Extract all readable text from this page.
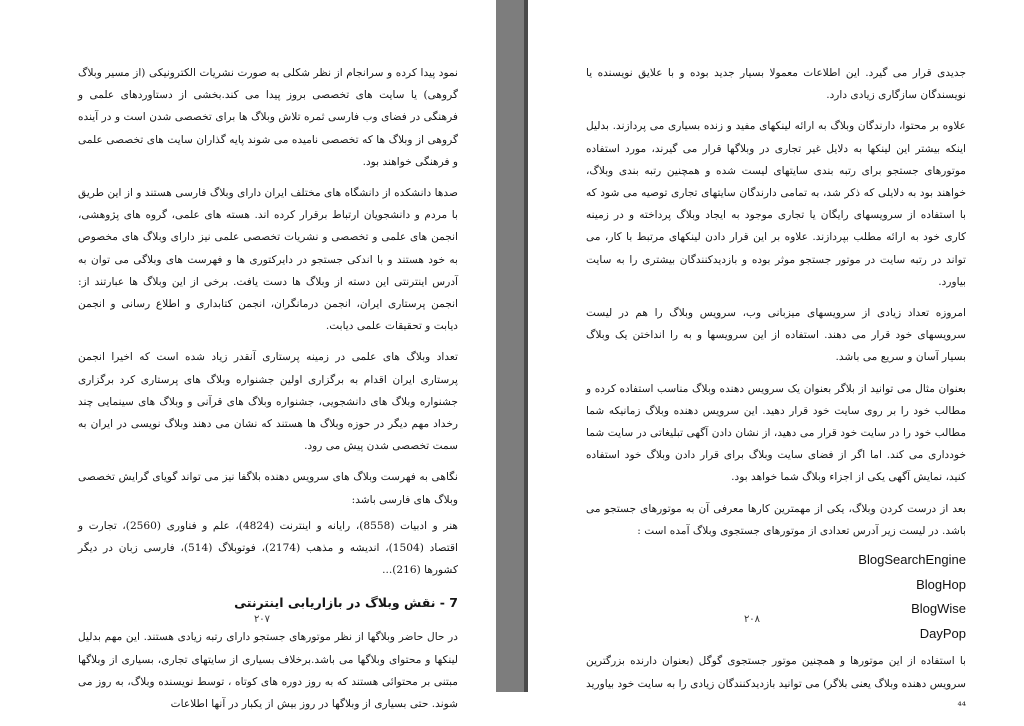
نمود پیدا کرده و سرانجام از نظر شکلی به صورت نشریات الکترونیکی (از مسیر وبلاگ گروهی) یا سایت های تخصصی بروز پیدا می کند.بخشی از دستاوردهای علمی و فرهنگی در فضای وب فارسی ثمره تلاش وبلاگ ها برای تخصصی شدن است و در آینده گروهی از وبلاگ ها که تخصصی نامیده می شوند پایه گذاران سایت های تخصصی علمی و فرهنگی خواهند بود.

صدها دانشکده از دانشگاه های مختلف ایران دارای وبلاگ فارسی هستند و از این طریق با مردم و دانشجویان ارتباط برقرار کرده اند. هسته های علمی، گروه های پژوهشی، انجمن های علمی و تخصصی و نشریات تخصصی علمی نیز دارای وبلاگ های مخصوص به خود هستند و با اندکی جستجو در دایرکتوری ها و فهرست های وبلاگی می توان به آدرس اینترنتی این دسته از وبلاگ ها دست یافت. برخی از این وبلاگ ها عبارتند از: انجمن پرستاری ایران، انجمن درمانگران، انجمن کتابداری و اطلاع رسانی و انجمن دیابت و تحقیقات علمی دیابت.

تعداد وبلاگ های علمی در زمینه پرستاری آنقدر زیاد شده است که اخیرا انجمن پرستاری ایران اقدام به برگزاری اولین جشنواره وبلاگ های پرستاری کرد برگزاری جشنواره وبلاگ های دانشجویی، جشنواره وبلاگ های قرآنی و وبلاگ های سینمایی چند رخداد مهم دیگر در حوزه وبلاگ ها هستند که نشان می دهند وبلاگ نویسی در ایران به سمت تخصصی شدن پیش می رود.

نگاهی به فهرست وبلاگ های سرویس دهنده بلاگفا نیز می تواند گویای گرایش تخصصی وبلاگ های فارسی باشد:

هنر و ادبیات (8558)، رایانه و اینترنت (4824)، علم و فناوری (2560)، تجارت و اقتصاد (1504)، اندیشه و مذهب (2174)، فوتوبلاگ (514)، فارسی زبان در دیگر کشورها (216)...

7 - نقش وبلاگ در بازاریابی اینترنتی

در حال حاضر وبلاگها از نظر موتورهای جستجو دارای رتبه زیادی هستند. این مهم بدلیل لینکها و محتوای وبلاگها می باشد.برخلاف بسیاری از سایتهای تجاری، بسیاری از وبلاگها مبتنی بر محتوائی هستند که به روز دوره های کوتاه ، توسط نویسنده وبلاگ، به روز می شوند. حتی بسیاری از وبلاگها در روز بیش از یکبار در آنها اطلاعات

۲۰۷

جدیدی قرار می گیرد. این اطلاعات معمولا بسیار جدید بوده و با علایق نویسنده یا نویسندگان سازگاری زیادی دارد.

علاوه بر محتوا، دارندگان وبلاگ به ارائه لینکهای مفید و زنده بسیاری می پردازند. بدلیل اینکه بیشتر این لینکها به دلایل غیر تجاری در وبلاگها قرار می گیرند، مورد استفاده موتورهای جستجو برای رتبه بندی سایتهای لیست شده و همچنین رتبه بندی وبلاگ، خواهند بود به دلایلی که ذکر شد، به تمامی دارندگان سایتهای تجاری توصیه می شود که با استفاده از سرویسهای رایگان یا تجاری موجود به ایجاد وبلاگ پرداخته و در زمینه کاری خود به ارائه مطلب بپردازند. علاوه بر این قرار دادن لینکهای مرتبط با کار، می تواند در رتبه سایت در موتور جستجو موثر بوده و بازدیدکنندگان بیشتری را به سایت بیاورد.

امروزه تعداد زیادی از سرویسهای میزبانی وب، سرویس وبلاگ را هم در لیست سرویسهای خود قرار می دهند. استفاده از این سرویسها و به را انداختن یک وبلاگ بسیار آسان و سریع می باشد.

بعنوان مثال می توانید از بلاگر بعنوان یک سرویس دهنده وبلاگ مناسب استفاده کرده و مطالب خود را بر روی سایت خود قرار دهید. این سرویس دهنده وبلاگ زمانیکه شما مطالب خود را در سایت خود قرار می دهید، از نشان دادن آگهی تبلیغاتی در سایت شما خودداری می کند. اما اگر از فضای سایت وبلاگ برای قرار دادن وبلاگ خود استفاده کنید، نمایش آگهی یکی از اجزاء وبلاگ شما خواهد بود.

بعد از درست کردن وبلاگ، یکی از مهمترین کارها معرفی آن به موتورهای جستجو می باشد. در لیست زیر آدرس تعدادی از موتورهای جستجوی وبلاگ آمده است :

BlogSearchEngine
BlogHop
BlogWise
DayPop

با استفاده از این موتورها و همچنین موتور جستجوی گوگل (بعنوان دارنده بزرگترین سرویس دهنده وبلاگ یعنی بلاگر) می توانید بازدیدکنندگان زیادی را به سایت خود بیاورید ⁴⁴

۲۰۸
